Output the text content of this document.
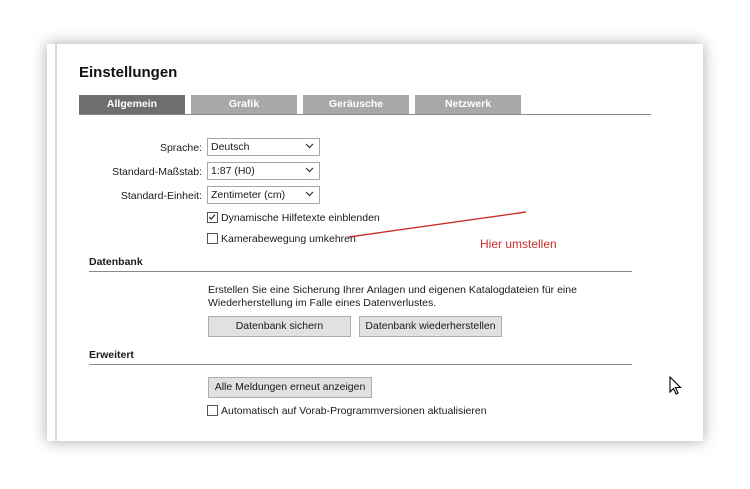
Einstellungen
Allgemein	Grafik	Geräusche	Netzwerk
Sprache: Deutsch
Standard-Maßstab: 1:87 (H0)
Standard-Einheit: Zentimeter (cm)
Dynamische Hilfetexte einblenden
Kamerabewegung umkehren	Hier umstellen
Datenbank
Erstellen Sie eine Sicherung Ihrer Anlagen und eigenen Katalogdateien für eine Wiederherstellung im Falle eines Datenverlustes.
Datenbank sichern	Datenbank wiederherstellen
Erweitert
Alle Meldungen erneut anzeigen
Automatisch auf Vorab-Programmversionen aktualisieren
